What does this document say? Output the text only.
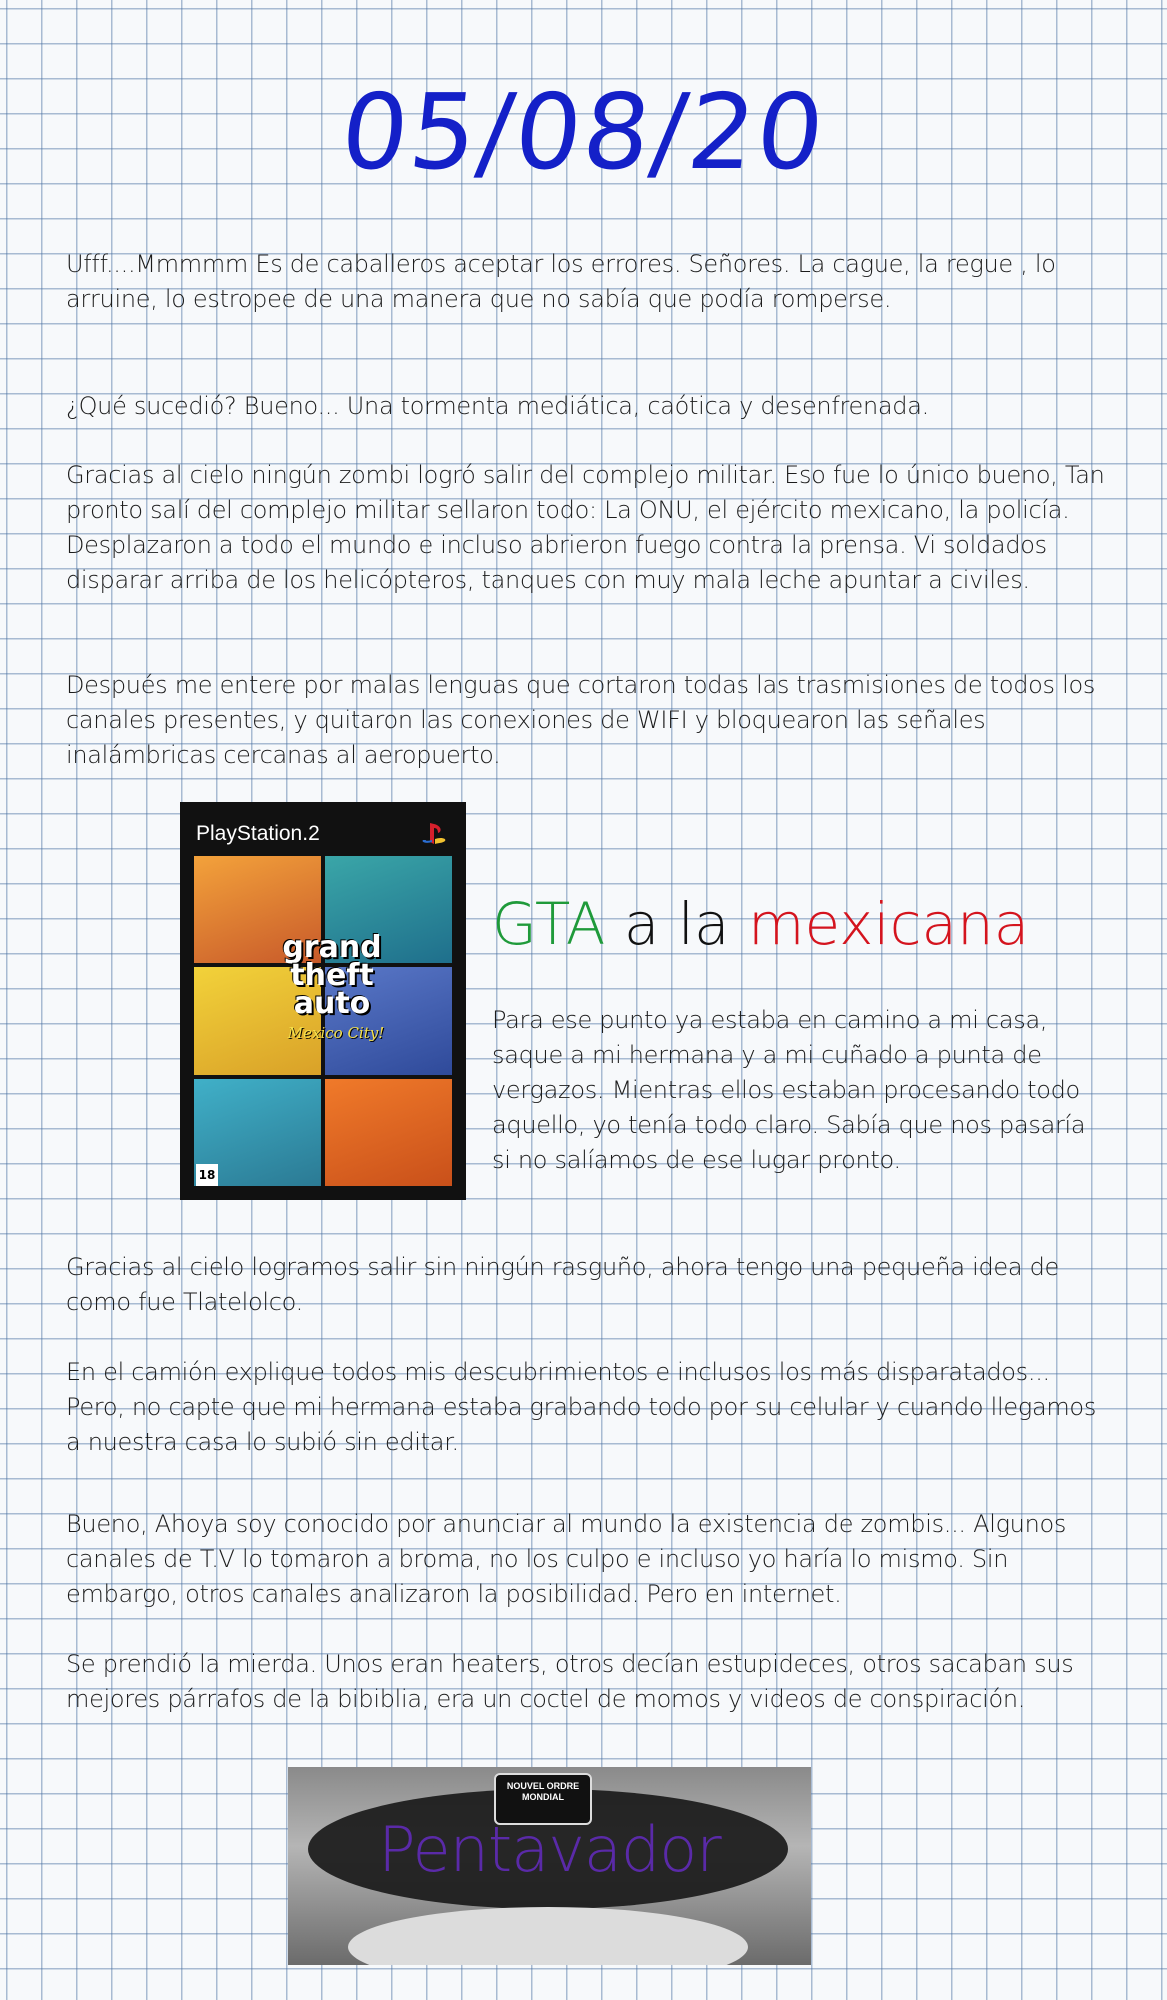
05/08/20

Ufff....Mmmmm Es de caballeros aceptar los errores. Señores. La cague, la regue , lo arruine, lo estropee de una manera que no sabía que podía romperse.

¿Qué sucedió? Bueno... Una tormenta mediática, caótica y desenfrenada.

Gracias al cielo ningún zombi logró salir del complejo militar. Eso fue lo único bueno, Tan pronto salí del complejo militar sellaron todo: La ONU, el ejército mexicano, la policía. Desplazaron a todo el mundo e incluso abrieron fuego contra la prensa. Vi soldados disparar arriba de los helicópteros, tanques con muy mala leche apuntar a civiles.

Después me entere por malas lenguas que cortaron todas las trasmisiones de todos los canales presentes, y quitaron las conexiones de WIFI y bloquearon las señales inalámbricas cercanas al aeropuerto.

PlayStation.2
grand
theft
auto
Mexico City!
18
GTA a la mexicana

Para ese punto ya estaba en camino a mi casa, saque a mi hermana y a mi cuñado a punta de vergazos. Mientras ellos estaban procesando todo aquello, yo tenía todo claro. Sabía que nos pasaría si no salíamos de ese lugar pronto.

Gracias al cielo logramos salir sin ningún rasguño, ahora tengo una pequeña idea de como fue Tlatelolco.

En el camión explique todos mis descubrimientos e inclusos los más disparatados... Pero, no capte que mi hermana estaba grabando todo por su celular y cuando llegamos a nuestra casa lo subió sin editar.

Bueno, Ahoya soy conocido por anunciar al mundo la existencia de zombis... Algunos canales de T.V lo tomaron a broma, no los culpo e incluso yo haría lo mismo. Sin embargo, otros canales analizaron la posibilidad. Pero en internet.

Se prendió la mierda. Unos eran heaters, otros decían estupideces, otros sacaban sus mejores párrafos de la bibiblia, era un coctel de momos y videos de conspiración.

NOUVEL ORDRE
MONDIAL
Pentavador
